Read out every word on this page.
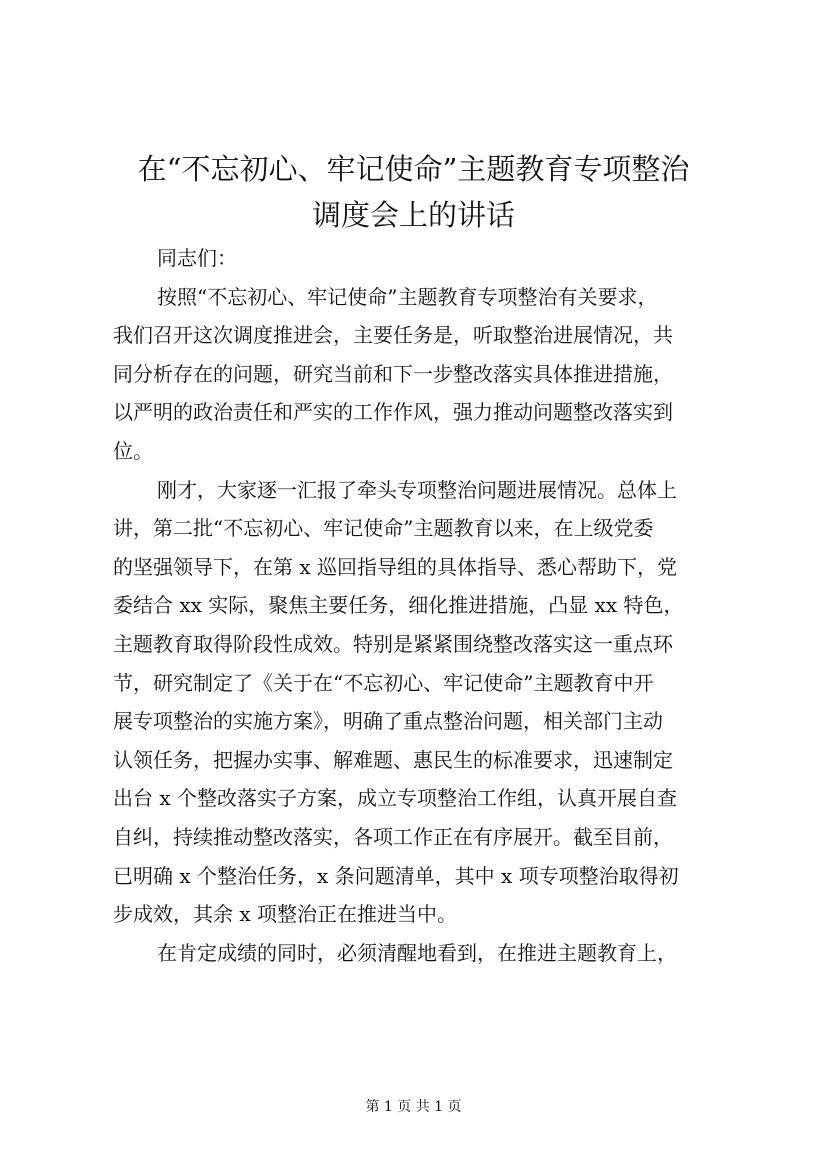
在“不忘初心、牢记使命”主题教育专项整治
调度会上的讲话
同志们：
按照“不忘初心、牢记使命”主题教育专项整治有关要求，
我们召开这次调度推进会，主要任务是，听取整治进展情况，共
同分析存在的问题，研究当前和下一步整改落实具体推进措施，
以严明的政治责任和严实的工作作风，强力推动问题整改落实到
位。
刚才，大家逐一汇报了牵头专项整治问题进展情况。总体上
讲，第二批“不忘初心、牢记使命”主题教育以来，在上级党委
的坚强领导下，在第 x 巡回指导组的具体指导、悉心帮助下，党
委结合 xx 实际，聚焦主要任务，细化推进措施，凸显 xx 特色，
主题教育取得阶段性成效。特别是紧紧围绕整改落实这一重点环
节，研究制定了《关于在“不忘初心、牢记使命”主题教育中开
展专项整治的实施方案》，明确了重点整治问题，相关部门主动
认领任务，把握办实事、解难题、惠民生的标准要求，迅速制定
出台 x 个整改落实子方案，成立专项整治工作组，认真开展自查
自纠，持续推动整改落实，各项工作正在有序展开。截至目前，
已明确 x 个整治任务，x 条问题清单，其中 x 项专项整治取得初
步成效，其余 x 项整治正在推进当中。
在肯定成绩的同时，必须清醒地看到，在推进主题教育上，
第 1 页 共 1 页
